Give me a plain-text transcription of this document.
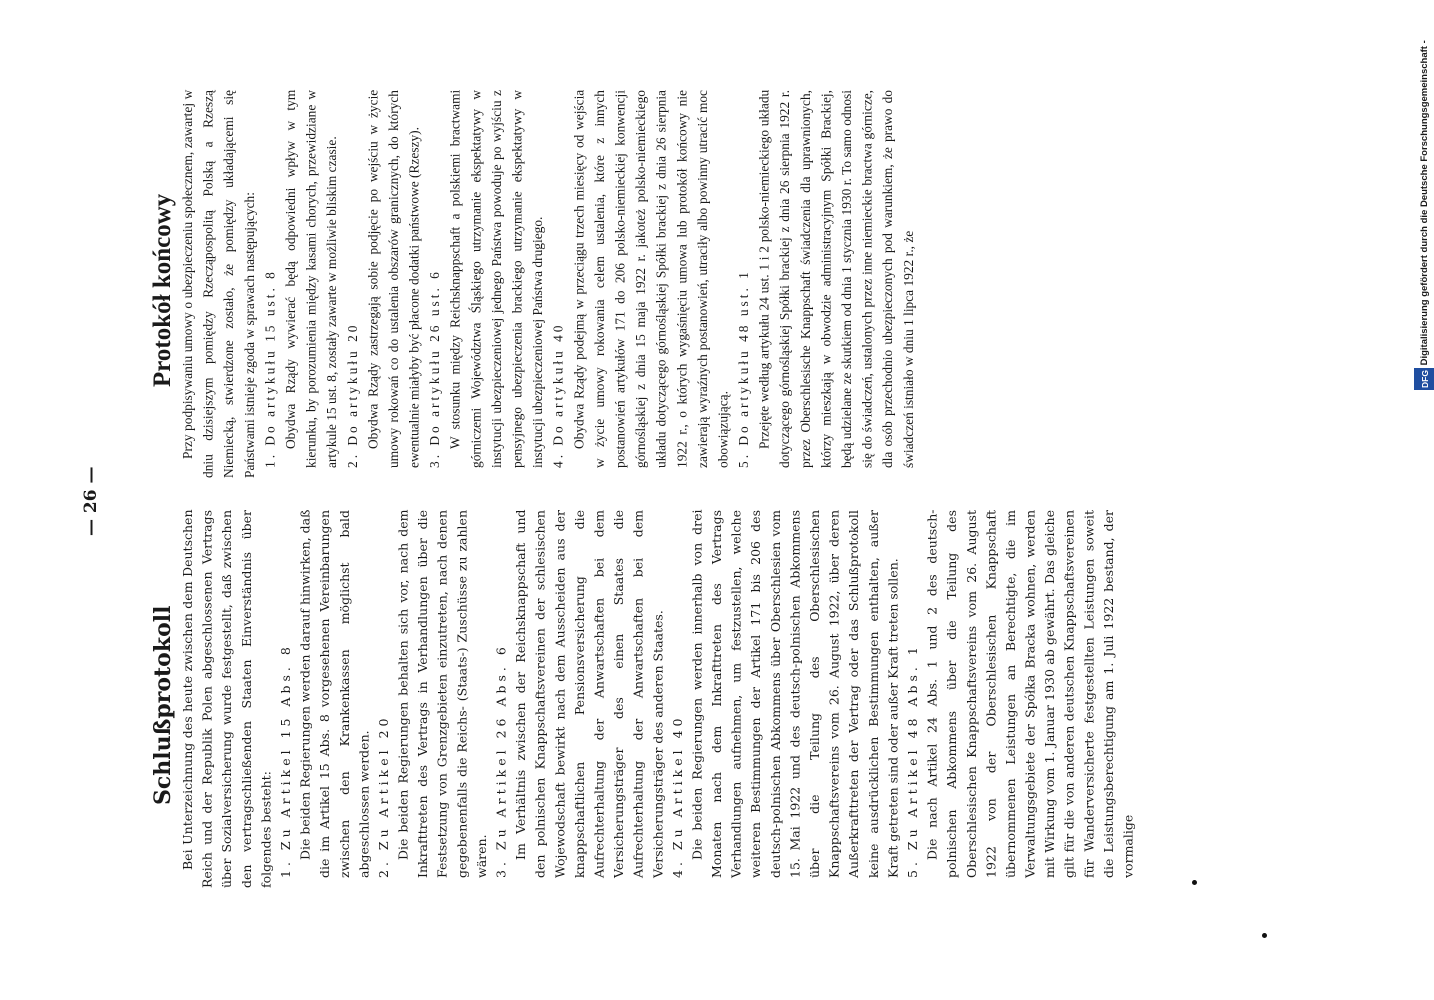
— 26 —
Schlußprotokoll Bei Unterzeichnung des heute zwischen dem Deutschen Reich und der Republik Polen abgeschlossenen Vertrags über Sozialversicherung wurde festgestellt, daß zwischen den vertragschließenden Staaten Einverständnis über folgendes besteht: 1. Zu Artikel 15 Abs. 8 Die beiden Regierungen werden darauf hinwirken, daß die im Artikel 15 Abs. 8 vorgesehenen Vereinbarungen zwischen den Krankenkassen möglichst bald abgeschlossen werden. 2. Zu Artikel 20 Die beiden Regierungen behalten sich vor, nach dem Inkrafttreten des Vertrags in Verhandlungen über die Festsetzung von Grenzgebieten einzutreten, nach denen gegebenenfalls die Reichs- (Staats-) Zuschüsse zu zahlen wären. 3. Zu Artikel 26 Abs. 6 Im Verhältnis zwischen der Reichsknappschaft und den polnischen Knappschaftsvereinen der schlesischen Wojewodschaft bewirkt nach dem Ausscheiden aus der knappschaftlichen Pensionsversicherung die Aufrechterhaltung der Anwartschaften bei dem Versicherungsträger des einen Staates die Aufrechterhaltung der Anwartschaften bei dem Versicherungsträger des anderen Staates. 4. Zu Artikel 40 Die beiden Regierungen werden innerhalb von drei Monaten nach dem Inkrafttreten des Vertrags Verhandlungen aufnehmen, um festzustellen, welche weiteren Bestimmungen der Artikel 171 bis 206 des deutsch-polnischen Abkommens über Oberschlesien vom 15. Mai 1922 und des deutsch-polnischen Abkommens über die Teilung des Oberschlesischen Knappschaftsvereins vom 26. August 1922, über deren Außerkrafttreten der Vertrag oder das Schlußprotokoll keine ausdrücklichen Bestimmungen enthalten, außer Kraft getreten sind oder außer Kraft treten sollen. 5. Zu Artikel 48 Abs. 1 Die nach Artikel 24 Abs. 1 und 2 des deutsch-polnischen Abkommens über die Teilung des Oberschlesischen Knappschaftsvereins vom 26. August 1922 von der Oberschlesischen Knappschaft übernommenen Leistungen an Berechtigte, die im Verwaltungsgebiete der Spółka Bracka wohnen, werden mit Wirkung vom 1. Januar 1930 ab gewährt. Das gleiche gilt für die von anderen deutschen Knappschaftsvereinen für Wanderversicherte festgestellten Leistungen soweit die Leistungsberechtigung am 1. Juli 1922 bestand, der vormalige

Protokół końcowy Przy podpisywaniu umowy o ubezpieczeniu społecznem, zawartej w dniu dzisiejszym pomiędzy Rzecząpospolitą Polską a Rzeszą Niemiecką, stwierdzone zostało, że pomiędzy układającemi się Państwami istnieje zgoda w sprawach następujących: 1. Do artykułu 15 ust. 8 Obydwa Rządy wywierać będą odpowiedni wpływ w tym kierunku, by porozumienia między kasami chorych, przewidziane w artykule 15 ust. 8, zostały zawarte w możliwie bliskim czasie. 2. Do artykułu 20 Obydwa Rządy zastrzegają sobie podjęcie po wejściu w życie umowy rokowań co do ustalenia obszarów granicznych, do których ewentualnie miałyby być płacone dodatki państwowe (Rzeszy). 3. Do artykułu 26 ust. 6 W stosunku między Reichsknappschaft a polskiemi bractwami górniczemi Województwa Śląskiego utrzymanie ekspektatywy w instytucji ubezpieczeniowej jednego Państwa powoduje po wyjściu z pensyjnego ubezpieczenia brackiego utrzymanie ekspektatywy w instytucji ubezpieczeniowej Państwa drugiego. 4. Do artykułu 40 Obydwa Rządy podejmą w przeciągu trzech miesięcy od wejścia w życie umowy rokowania celem ustalenia, które z innych postanowień artykułów 171 do 206 polsko-niemieckiej konwencji górnośląskiej z dnia 15 maja 1922 r. jakoteż polsko-niemieckiego układu dotyczącego górnośląskiej Spółki brackiej z dnia 26 sierpnia 1922 r., o których wygaśnięciu umowa lub protokół końcowy nie zawierają wyraźnych postanowień, utraciły albo powinny utracić moc obowiązującą. 5. Do artykułu 48 ust. 1 Przejęte według artykułu 24 ust. 1 i 2 polsko-niemieckiego układu dotyczącego górnośląskiej Spółki brackiej z dnia 26 sierpnia 1922 r. przez Oberschlesische Knappschaft świadczenia dla uprawnionych, którzy mieszkają w obwodzie administracyjnym Spółki Brackiej, będą udzielane ze skutkiem od dnia 1 stycznia 1930 r. To samo odnosi się do świadczeń, ustalonych przez inne niemieckie bractwa górnicze, dla osób przechodnio ubezpieczonych pod warunkiem, że prawo do świadczeń istniało w dniu 1 lipca 1922 r., że	DFG Digitalisierung gefördert durch die Deutsche Forschungsgemeinschaft -
